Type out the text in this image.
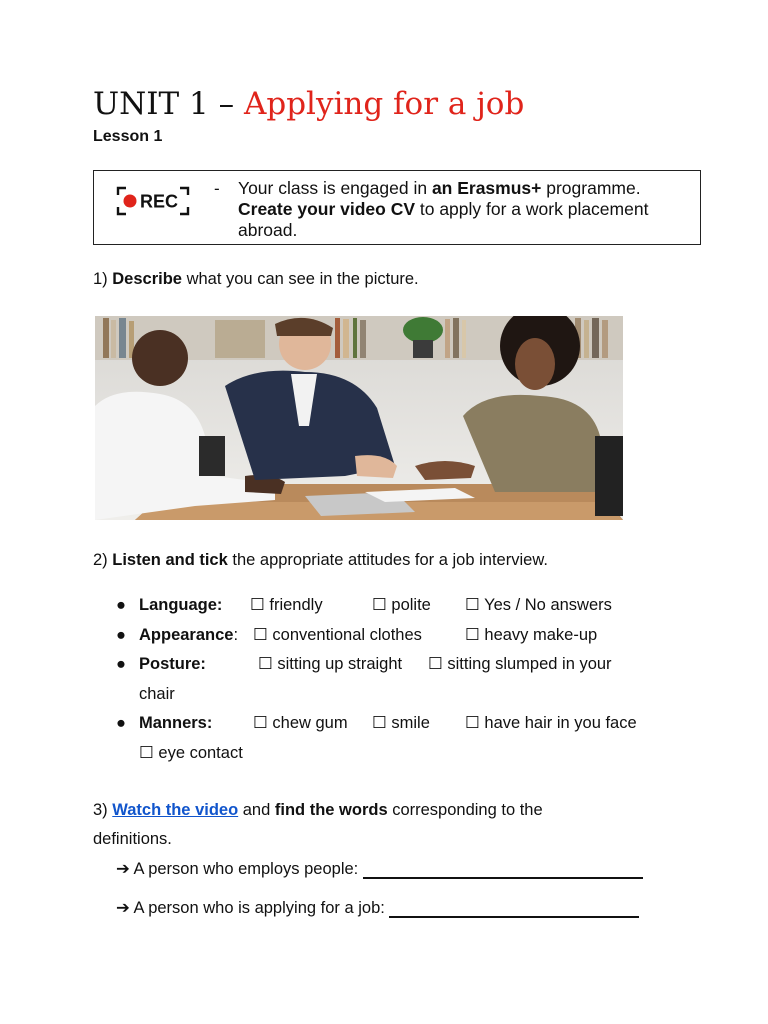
UNIT 1 – Applying for a job
Lesson 1
REC
- Your class is engaged in an Erasmus+ programme. Create your video CV to apply for a work placement abroad.
1) Describe what you can see in the picture.
2) Listen and tick the appropriate attitudes for a job interview.
● Language: ☐ friendly	☐ polite ☐ Yes / No answers
● Appearance: ☐ conventional clothes	☐ heavy make-up
● Posture:	☐ sitting up straight ☐ sitting slumped in your
chair
● Manners: ☐ chew gum ☐ smile ☐ have hair in you face
☐ eye contact
3) Watch the video and find the words corresponding to the
definitions.
➔ A person who employs people:
➔ A person who is applying for a job:
